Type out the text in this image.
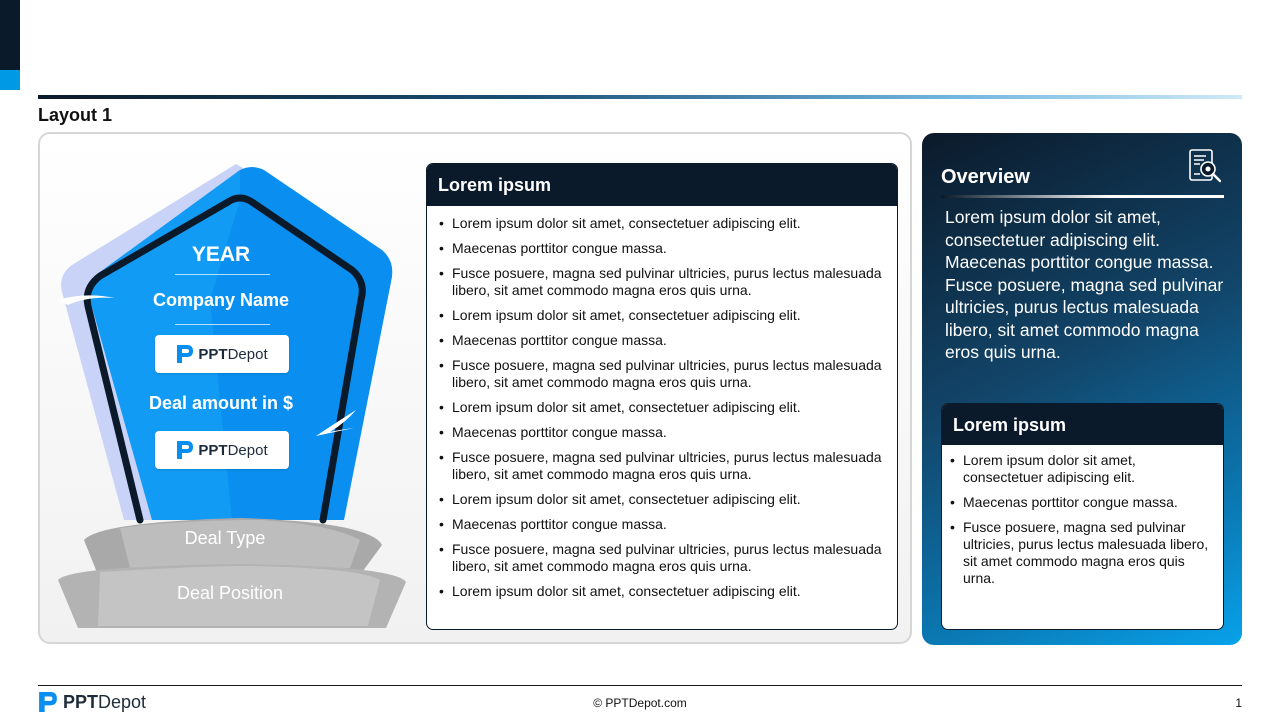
Layout 1
YEAR
Company Name
PPTDepot
Deal amount in $
PPTDepot
Deal Type
Deal Position
Lorem ipsum
• Lorem ipsum dolor sit amet, consectetuer adipiscing elit.
• Maecenas porttitor congue massa.
• Fusce posuere, magna sed pulvinar ultricies, purus lectus malesuada libero, sit amet commodo magna eros quis urna.
• Lorem ipsum dolor sit amet, consectetuer adipiscing elit.
• Maecenas porttitor congue massa.
• Fusce posuere, magna sed pulvinar ultricies, purus lectus malesuada libero, sit amet commodo magna eros quis urna.
• Lorem ipsum dolor sit amet, consectetuer adipiscing elit.
• Maecenas porttitor congue massa.
• Fusce posuere, magna sed pulvinar ultricies, purus lectus malesuada libero, sit amet commodo magna eros quis urna.
• Lorem ipsum dolor sit amet, consectetuer adipiscing elit.
• Maecenas porttitor congue massa.
• Fusce posuere, magna sed pulvinar ultricies, purus lectus malesuada libero, sit amet commodo magna eros quis urna.
• Lorem ipsum dolor sit amet, consectetuer adipiscing elit.
Overview
Lorem ipsum dolor sit amet, consectetuer adipiscing elit. Maecenas porttitor congue massa. Fusce posuere, magna sed pulvinar ultricies, purus lectus malesuada libero, sit amet commodo magna eros quis urna.
Lorem ipsum
• Lorem ipsum dolor sit amet, consectetuer adipiscing elit.
• Maecenas porttitor congue massa.
• Fusce posuere, magna sed pulvinar ultricies, purus lectus malesuada libero, sit amet commodo magna eros quis urna.
PPTDepot	© PPTDepot.com	1
